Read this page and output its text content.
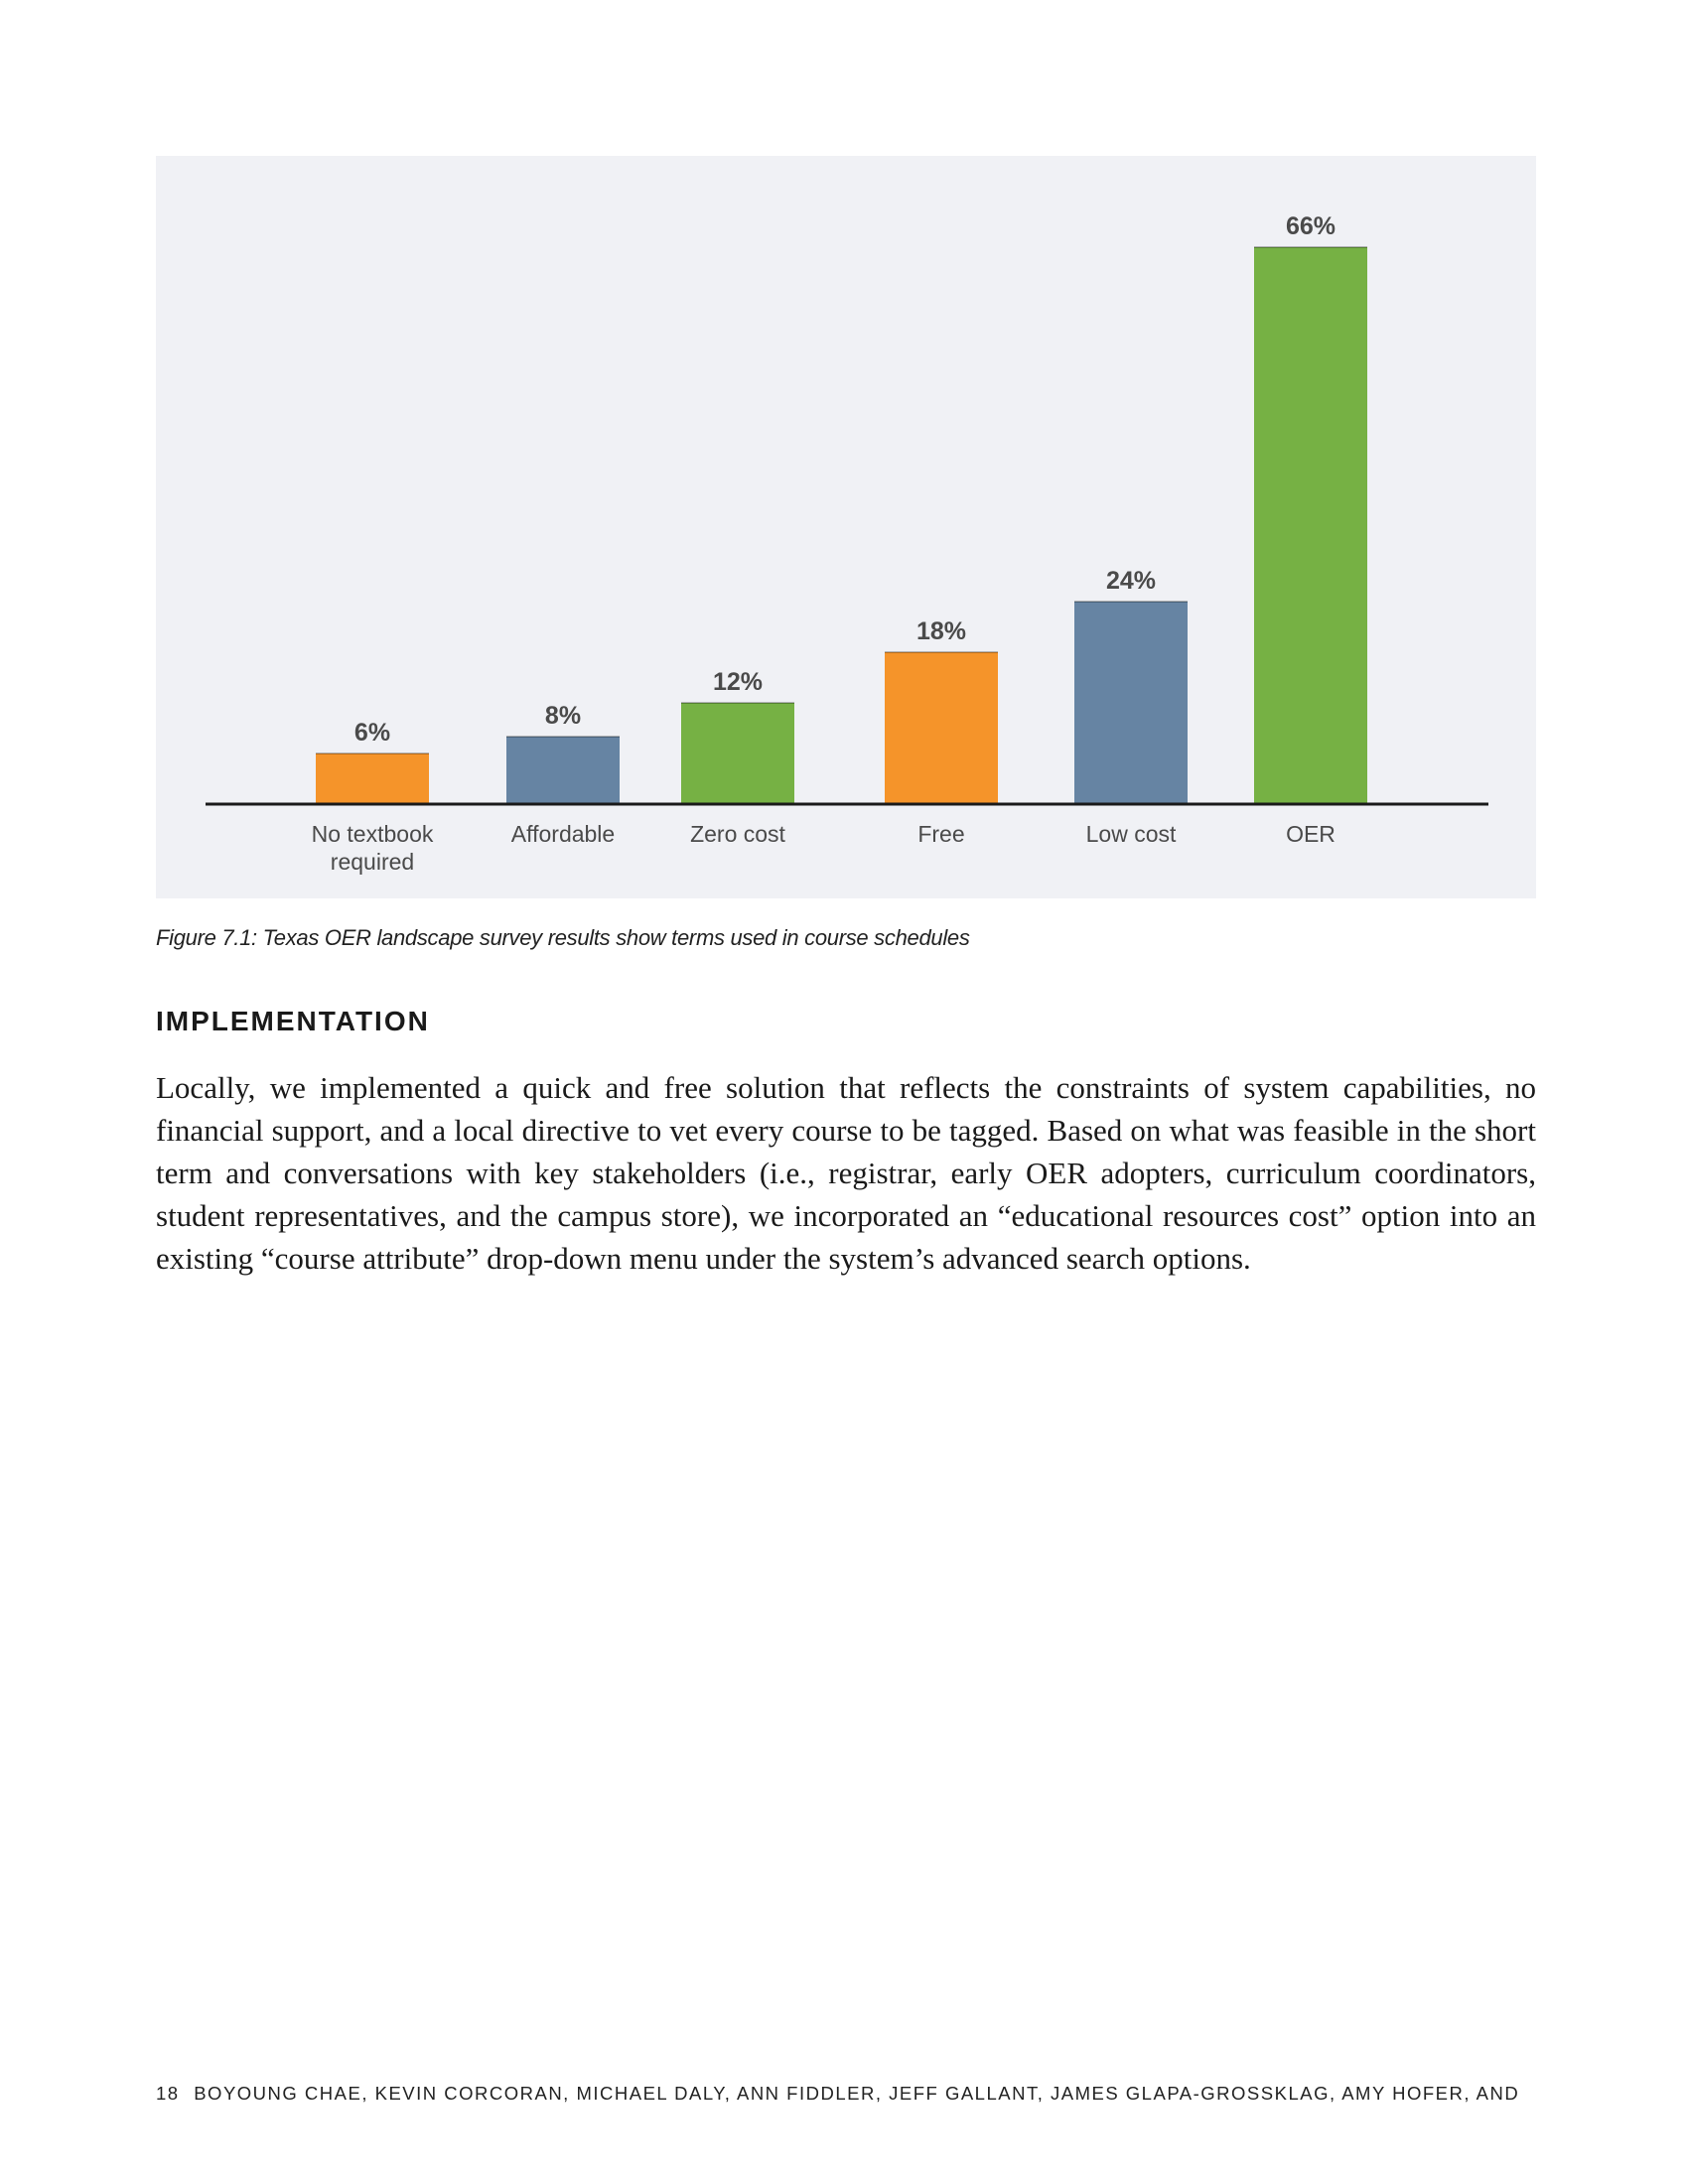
6%
No textbook required
8%
Affordable
12%
Zero cost
18%
Free
24%
Low cost
66%
OER
Figure 7.1: Texas OER landscape survey results show terms used in course schedules
IMPLEMENTATION

Locally, we implemented a quick and free solution that reflects the constraints of system capabilities, no financial support, and a local directive to vet every course to be tagged. Based on what was feasible in the short term and conversations with key stakeholders (i.e., registrar, early OER adopters, curriculum coordinators, student representatives, and the campus store), we incorporated an “educational resources cost” option into an existing “course attribute” drop-down menu under the system’s advanced search options.

18 BOYOUNG CHAE, KEVIN CORCORAN, MICHAEL DALY, ANN FIDDLER, JEFF GALLANT, JAMES GLAPA-GROSSKLAG, AMY HOFER, AND
